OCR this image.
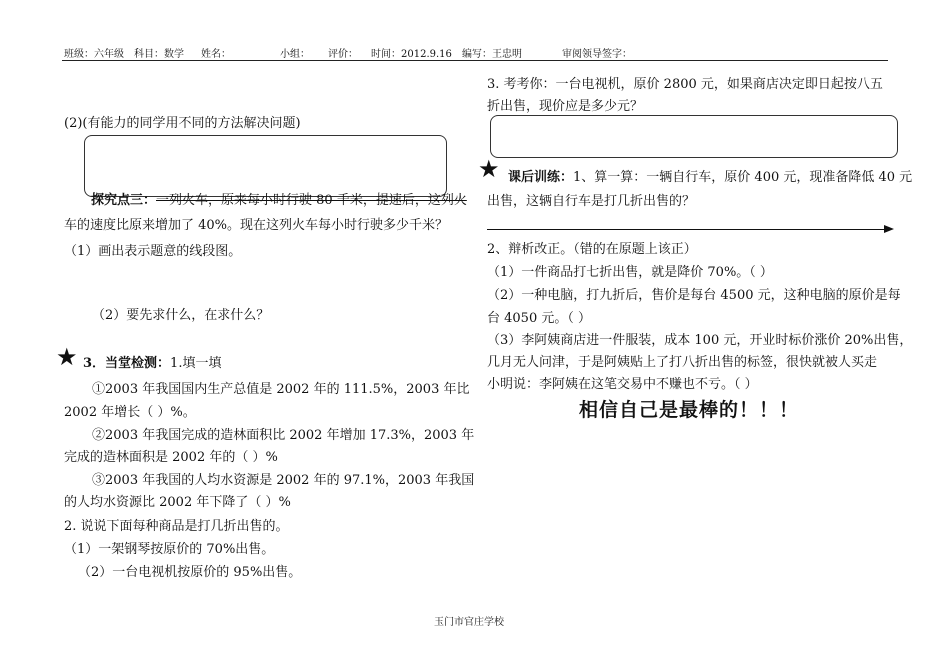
班级：六年级 科目：数学 姓名：	小组： 评价： 时间：2012.9.16 编写：王忠明	审阅领导签字：
(2)(有能力的同学用不同的方法解决问题)
探究点三：一列火车，原来每小时行驶 80 千米，提速后，这列火
车的速度比原来增加了 40%。现在这列火车每小时行驶多少千米？
（1）画出表示题意的线段图。
（2）要先求什么，在求什么？
★ 3．当堂检测：1.填一填
①2003 年我国国内生产总值是 2002 年的 111.5%，2003 年比
2002 年增长（ ）%。
②2003 年我国完成的造林面积比 2002 年增加 17.3%，2003 年
完成的造林面积是 2002 年的（ ）%
③2003 年我国的人均水资源是 2002 年的 97.1%，2003 年我国
的人均水资源比 2002 年下降了（ ）%
2. 说说下面每种商品是打几折出售的。
（1）一架钢琴按原价的 70%出售。
（2）一台电视机按原价的 95%出售。
3. 考考你：一台电视机，原价 2800 元，如果商店决定即日起按八五
折出售，现价应是多少元？
★ 课后训练：1、算一算：一辆自行车，原价 400 元，现准备降低 40 元
出售，这辆自行车是打几折出售的？
2、辩析改正。（错的在原题上该正）
（1）一件商品打七折出售，就是降价 70%。（ ）
（2）一种电脑，打九折后，售价是每台 4500 元，这种电脑的原价是每
台 4050 元。（ ）
（3）李阿姨商店进一件服装，成本 100 元，开业时标价涨价 20%出售，
几月无人问津，于是阿姨贴上了打八折出售的标签，很快就被人买走
小明说：李阿姨在这笔交易中不赚也不亏。（ ）
相信自己是最棒的！！！
玉门市官庄学校
